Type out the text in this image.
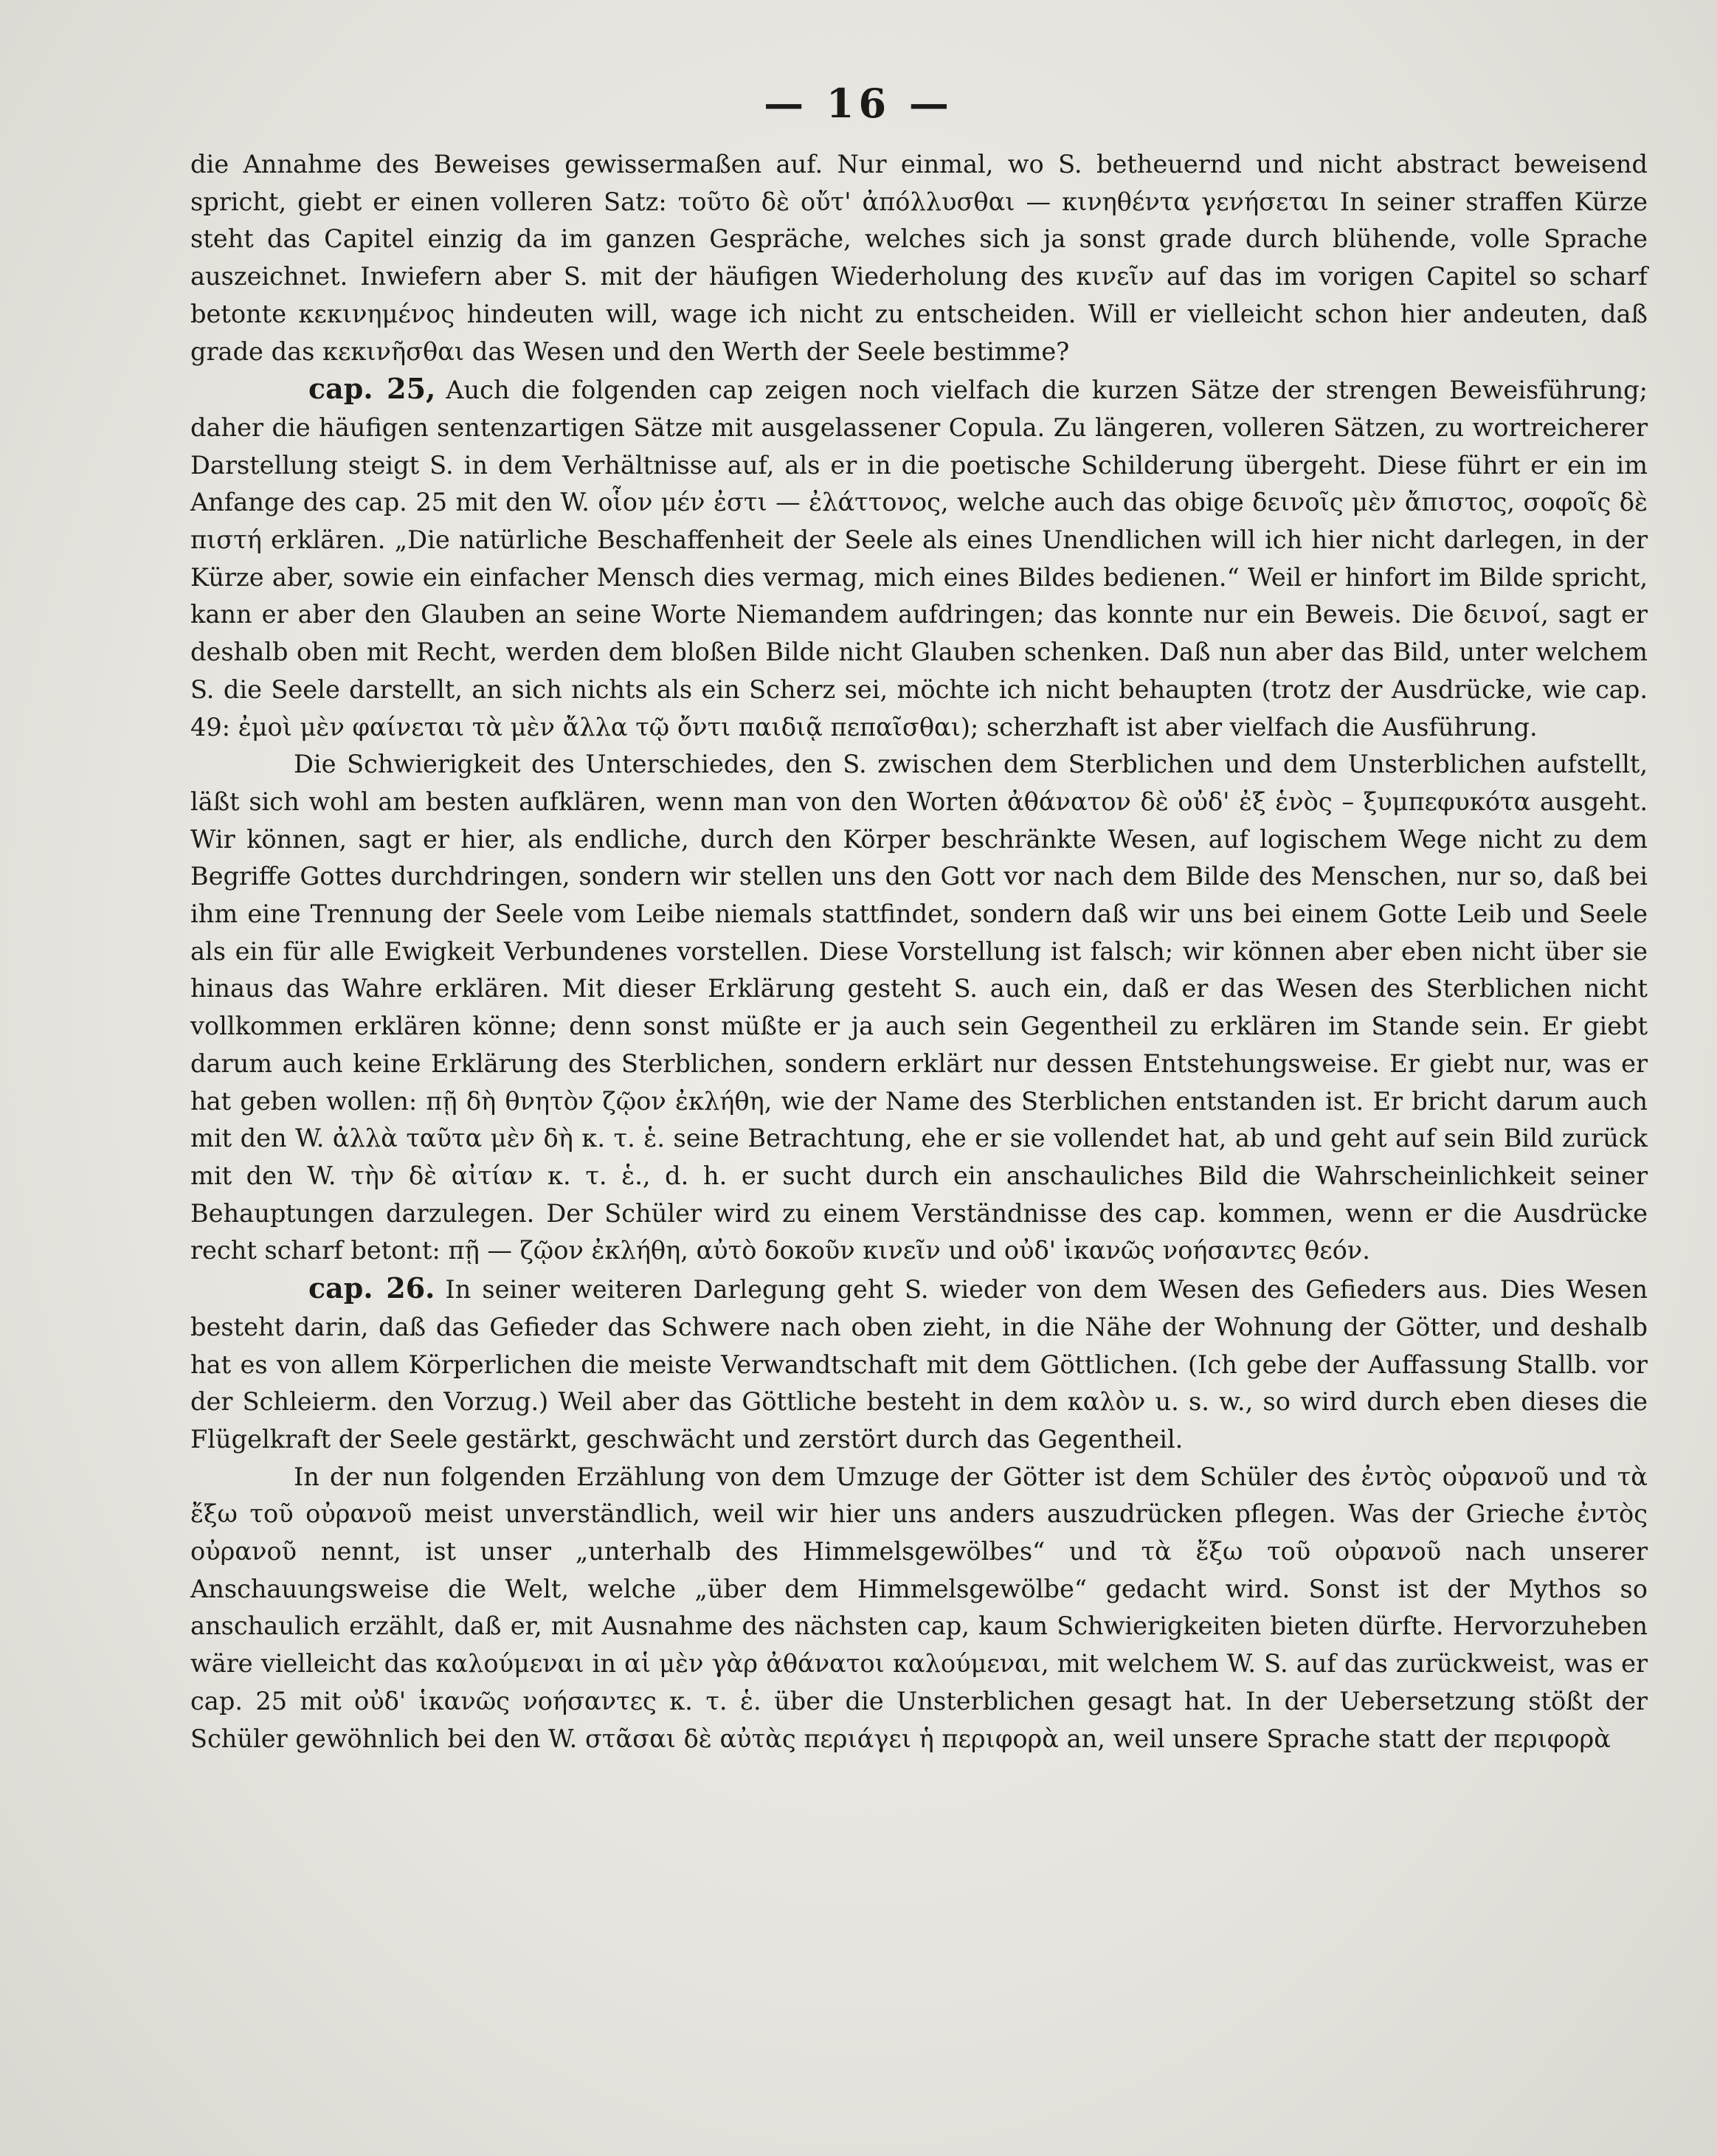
— 16 —

die Annahme des Beweises gewissermaßen auf. Nur einmal, wo S. betheuernd und nicht abstract beweisend spricht, giebt er einen volleren Satz: τοῦτο δὲ οὔτ' ἀπόλλυσθαι — κινηθέντα γενήσεται In seiner straffen Kürze steht das Capitel einzig da im ganzen Gespräche, welches sich ja sonst grade durch blühende, volle Sprache auszeichnet. Inwiefern aber S. mit der häufigen Wiederholung des κινεῖν auf das im vorigen Capitel so scharf betonte κεκινημένος hindeuten will, wage ich nicht zu entscheiden. Will er vielleicht schon hier andeuten, daß grade das κεκινῆσθαι das Wesen und den Werth der Seele bestimme?

cap. 25, Auch die folgenden cap zeigen noch vielfach die kurzen Sätze der strengen Beweisführung; daher die häufigen sentenzartigen Sätze mit ausgelassener Copula. Zu längeren, volleren Sätzen, zu wortreicherer Darstellung steigt S. in dem Verhältnisse auf, als er in die poetische Schilderung übergeht. Diese führt er ein im Anfange des cap. 25 mit den W. οἷον μέν ἐστι — ἐλάττονος, welche auch das obige δεινοῖς μὲν ἄπιστος, σοφοῖς δὲ πιστή erklären. „Die natürliche Beschaffenheit der Seele als eines Unendlichen will ich hier nicht darlegen, in der Kürze aber, sowie ein einfacher Mensch dies vermag, mich eines Bildes bedienen.“ Weil er hinfort im Bilde spricht, kann er aber den Glauben an seine Worte Niemandem aufdringen; das konnte nur ein Beweis. Die δεινοί, sagt er deshalb oben mit Recht, werden dem bloßen Bilde nicht Glauben schenken. Daß nun aber das Bild, unter welchem S. die Seele darstellt, an sich nichts als ein Scherz sei, möchte ich nicht behaupten (trotz der Ausdrücke, wie cap. 49: ἐμοὶ μὲν φαίνεται τὰ μὲν ἄλλα τῷ ὄντι παιδιᾷ πεπαῖσθαι); scherzhaft ist aber vielfach die Ausführung.

Die Schwierigkeit des Unterschiedes, den S. zwischen dem Sterblichen und dem Unsterblichen aufstellt, läßt sich wohl am besten aufklären, wenn man von den Worten ἀθάνατον δὲ οὐδ' ἐξ ἑνὸς – ξυμπεφυκότα ausgeht. Wir können, sagt er hier, als endliche, durch den Körper beschränkte Wesen, auf logischem Wege nicht zu dem Begriffe Gottes durchdringen, sondern wir stellen uns den Gott vor nach dem Bilde des Menschen, nur so, daß bei ihm eine Trennung der Seele vom Leibe niemals stattfindet, sondern daß wir uns bei einem Gotte Leib und Seele als ein für alle Ewigkeit Verbundenes vorstellen. Diese Vorstellung ist falsch; wir können aber eben nicht über sie hinaus das Wahre erklären. Mit dieser Erklärung gesteht S. auch ein, daß er das Wesen des Sterblichen nicht vollkommen erklären könne; denn sonst müßte er ja auch sein Gegentheil zu erklären im Stande sein. Er giebt darum auch keine Erklärung des Sterblichen, sondern erklärt nur dessen Entstehungsweise. Er giebt nur, was er hat geben wollen: πῇ δὴ θνητὸν ζῷον ἐκλήθη, wie der Name des Sterblichen entstanden ist. Er bricht darum auch mit den W. ἀλλὰ ταῦτα μὲν δὴ κ. τ. ἑ. seine Betrachtung, ehe er sie vollendet hat, ab und geht auf sein Bild zurück mit den W. τὴν δὲ αἰτίαν κ. τ. ἑ., d. h. er sucht durch ein anschauliches Bild die Wahrscheinlichkeit seiner Behauptungen darzulegen. Der Schüler wird zu einem Verständnisse des cap. kommen, wenn er die Ausdrücke recht scharf betont: πῇ — ζῷον ἐκλήθη, αὐτὸ δοκοῦν κινεῖν und οὐδ' ἱκανῶς νοήσαντες θεόν.

cap. 26. In seiner weiteren Darlegung geht S. wieder von dem Wesen des Gefieders aus. Dies Wesen besteht darin, daß das Gefieder das Schwere nach oben zieht, in die Nähe der Wohnung der Götter, und deshalb hat es von allem Körperlichen die meiste Verwandtschaft mit dem Göttlichen. (Ich gebe der Auffassung Stallb. vor der Schleierm. den Vorzug.) Weil aber das Göttliche besteht in dem καλὸν u. s. w., so wird durch eben dieses die Flügelkraft der Seele gestärkt, geschwächt und zerstört durch das Gegentheil.

In der nun folgenden Erzählung von dem Umzuge der Götter ist dem Schüler des ἐντὸς οὐρανοῦ und τὰ ἔξω τοῦ οὐρανοῦ meist unverständlich, weil wir hier uns anders auszudrücken pflegen. Was der Grieche ἐντὸς οὐρανοῦ nennt, ist unser „unterhalb des Himmelsgewölbes“ und τὰ ἔξω τοῦ οὐρανοῦ nach unserer Anschauungsweise die Welt, welche „über dem Himmelsgewölbe“ gedacht wird. Sonst ist der Mythos so anschaulich erzählt, daß er, mit Ausnahme des nächsten cap, kaum Schwierigkeiten bieten dürfte. Hervorzuheben wäre vielleicht das καλούμεναι in αἱ μὲν γὰρ ἀθάνατοι καλούμεναι, mit welchem W. S. auf das zurückweist, was er cap. 25 mit οὐδ' ἱκανῶς νοήσαντες κ. τ. ἑ. über die Unsterblichen gesagt hat. In der Uebersetzung stößt der Schüler gewöhnlich bei den W. στᾶσαι δὲ αὐτὰς περιάγει ἡ περιφορὰ an, weil unsere Sprache statt der περιφορὰ
